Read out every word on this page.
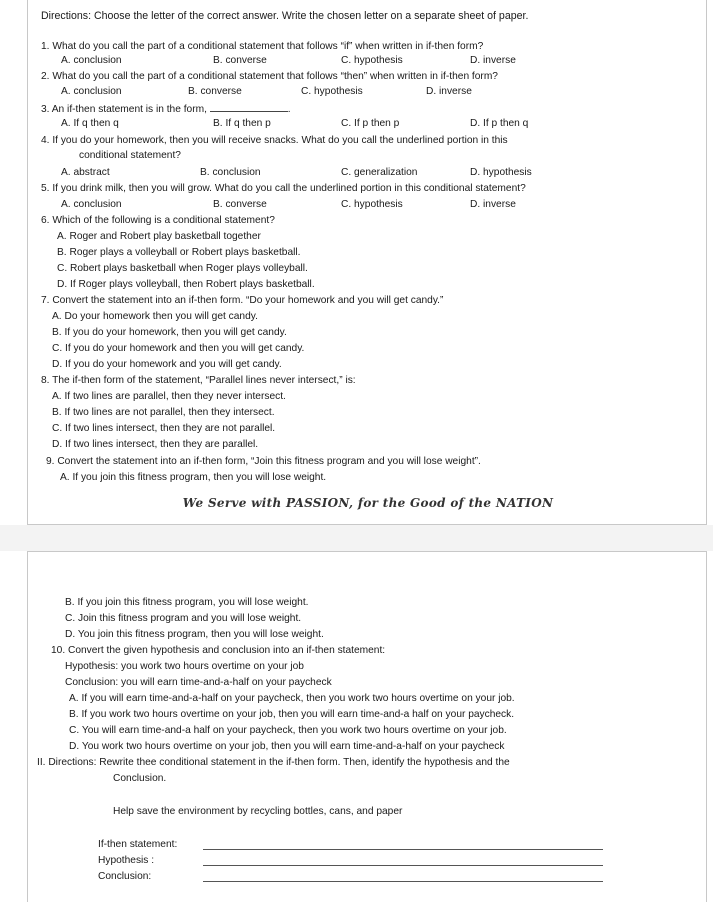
Directions: Choose the letter of the correct answer. Write the chosen letter on a separate sheet of paper.
1. What do you call the part of a conditional statement that follows “if” when written in if-then form?
A. conclusion	B. converse	C. hypothesis	D. inverse
2. What do you call the part of a conditional statement that follows “then” when written in if-then form?
A. conclusion	B. converse	C. hypothesis	D. inverse
3. An if-then statement is in the form,	.
A. If q then q	B. If q then p	C. If p then p	D. If p then q
4. If you do your homework, then you will receive snacks. What do you call the underlined portion in this
conditional statement?
A. abstract	B. conclusion	C. generalization	D. hypothesis
5. If you drink milk, then you will grow. What do you call the underlined portion in this conditional statement?
A. conclusion	B. converse	C. hypothesis	D. inverse
6. Which of the following is a conditional statement?
A. Roger and Robert play basketball together
B. Roger plays a volleyball or Robert plays basketball.
C. Robert plays basketball when Roger plays volleyball.
D. If Roger plays volleyball, then Robert plays basketball.
7. Convert the statement into an if-then form. “Do your homework and you will get candy.”
A. Do your homework then you will get candy.
B. If you do your homework, then you will get candy.
C. If you do your homework and then you will get candy.
D. If you do your homework and you will get candy.
8. The if-then form of the statement, “Parallel lines never intersect,” is:
A. If two lines are parallel, then they never intersect.
B. If two lines are not parallel, then they intersect.
C. If two lines intersect, then they are not parallel.
D. If two lines intersect, then they are parallel.
9. Convert the statement into an if-then form, “Join this fitness program and you will lose weight”.
A. If you join this fitness program, then you will lose weight.
We Serve with PASSION, for the Good of the NATION
B. If you join this fitness program, you will lose weight.
C. Join this fitness program and you will lose weight.
D. You join this fitness program, then you will lose weight.
10. Convert the given hypothesis and conclusion into an if-then statement:
Hypothesis: you work two hours overtime on your job
Conclusion: you will earn time-and-a-half on your paycheck
A. If you will earn time-and-a-half on your paycheck, then you work two hours overtime on your job.
B. If you work two hours overtime on your job, then you will earn time-and-a half on your paycheck.
C. You will earn time-and-a half on your paycheck, then you work two hours overtime on your job.
D. You work two hours overtime on your job, then you will earn time-and-a-half on your paycheck
II. Directions: Rewrite thee conditional statement in the if-then form. Then, identify the hypothesis and the
Conclusion.
Help save the environment by recycling bottles, cans, and paper
If-then statement:
Hypothesis :
Conclusion:
